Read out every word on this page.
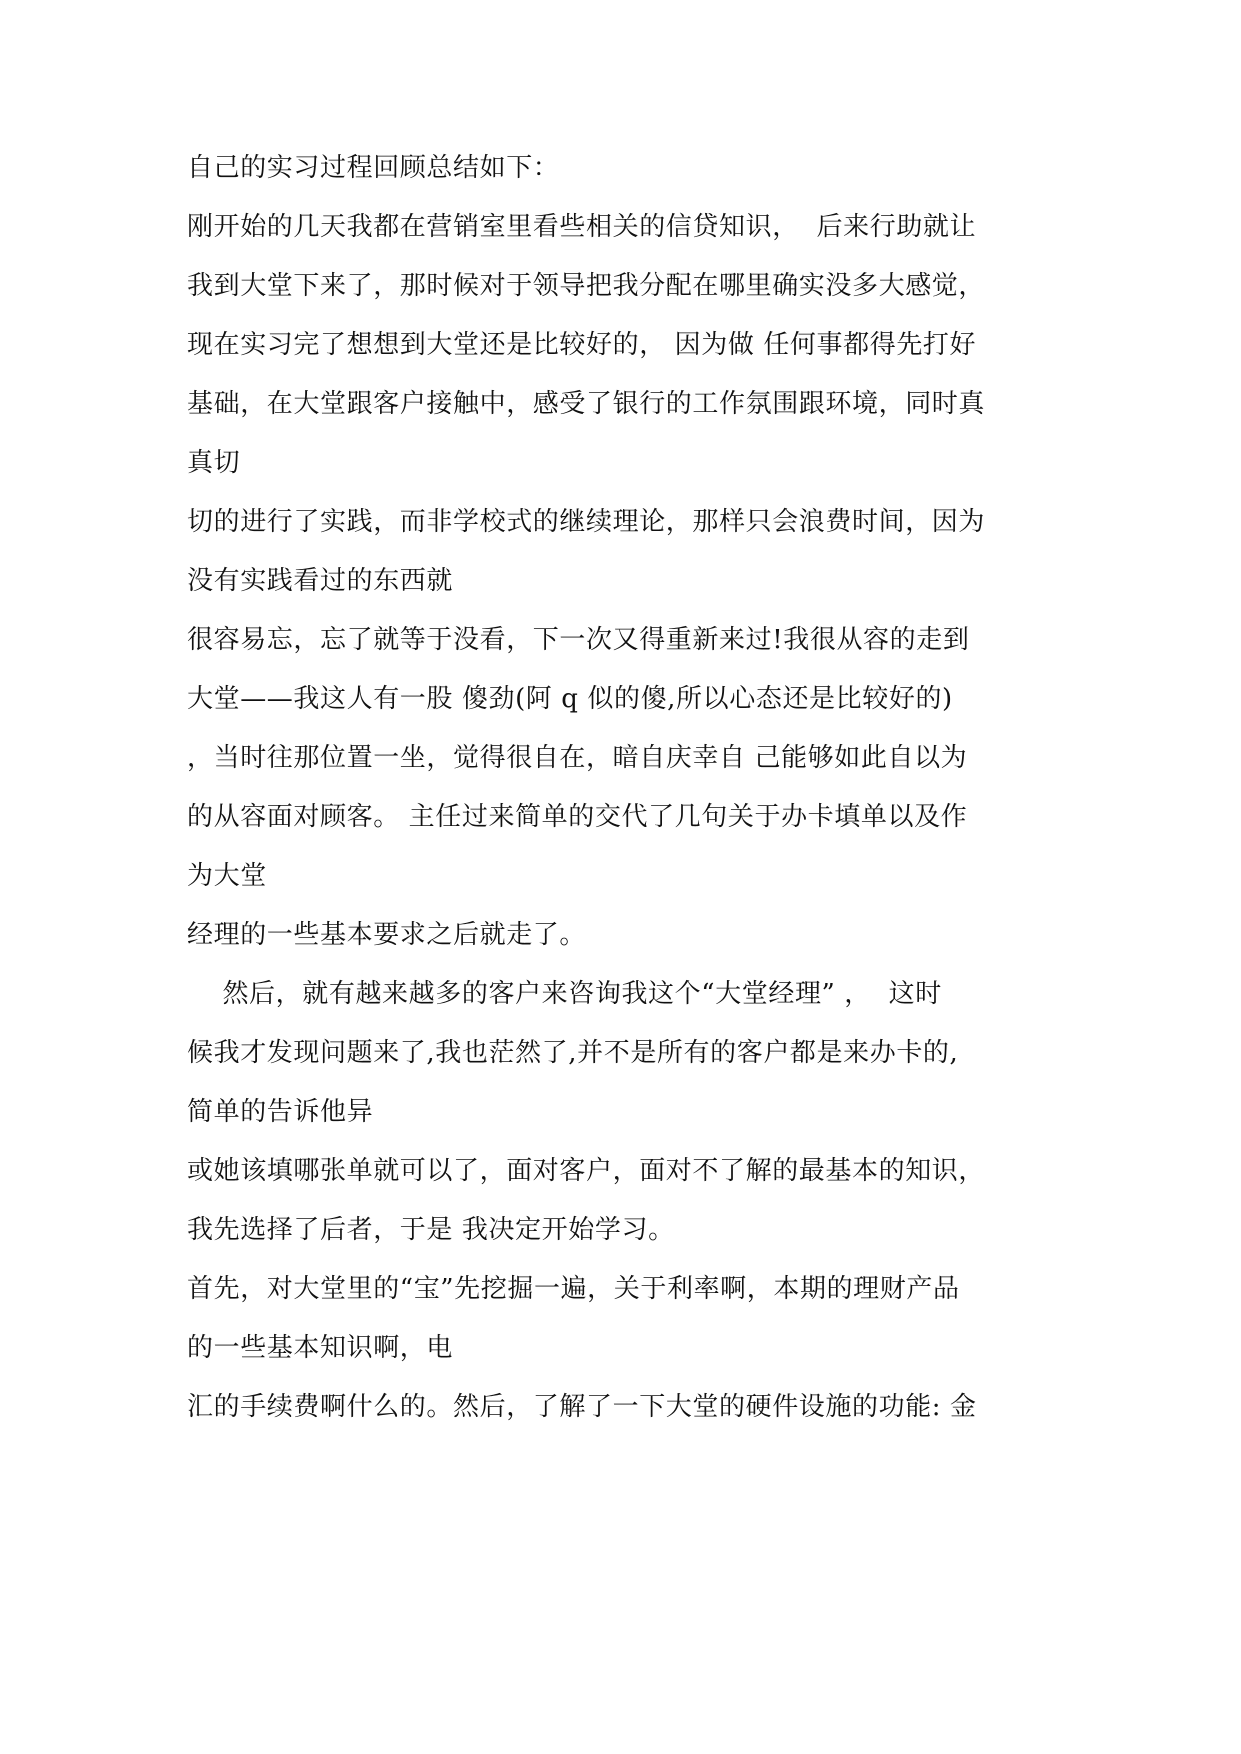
自己的实习过程回顾总结如下：

刚开始的几天我都在营销室里看些相关的信贷知识，  后来行助就让

我到大堂下来了，那时候对于领导把我分配在哪里确实没多大感觉，

现在实习完了想想到大堂还是比较好的， 因为做 任何事都得先打好

基础，在大堂跟客户接触中，感受了银行的工作氛围跟环境，同时真

真切

切的进行了实践，而非学校式的继续理论，那样只会浪费时间，因为

没有实践看过的东西就

很容易忘，忘了就等于没看，下一次又得重新来过!我很从容的走到

大堂——我这人有一股 傻劲(阿 q 似的傻,所以心态还是比较好的)

，当时往那位置一坐，觉得很自在，暗自庆幸自 己能够如此自以为

的从容面对顾客。 主任过来简单的交代了几句关于办卡填单以及作

为大堂

经理的一些基本要求之后就走了。

然后，就有越来越多的客户来咨询我这个“大堂经理” ，  这时

候我才发现问题来了,我也茫然了,并不是所有的客户都是来办卡的,

简单的告诉他异

或她该填哪张单就可以了，面对客户，面对不了解的最基本的知识，

我先选择了后者，于是 我决定开始学习。

首先，对大堂里的“宝”先挖掘一遍，关于利率啊，本期的理财产品

的一些基本知识啊，电

汇的手续费啊什么的。然后，了解了一下大堂的硬件设施的功能: 金
